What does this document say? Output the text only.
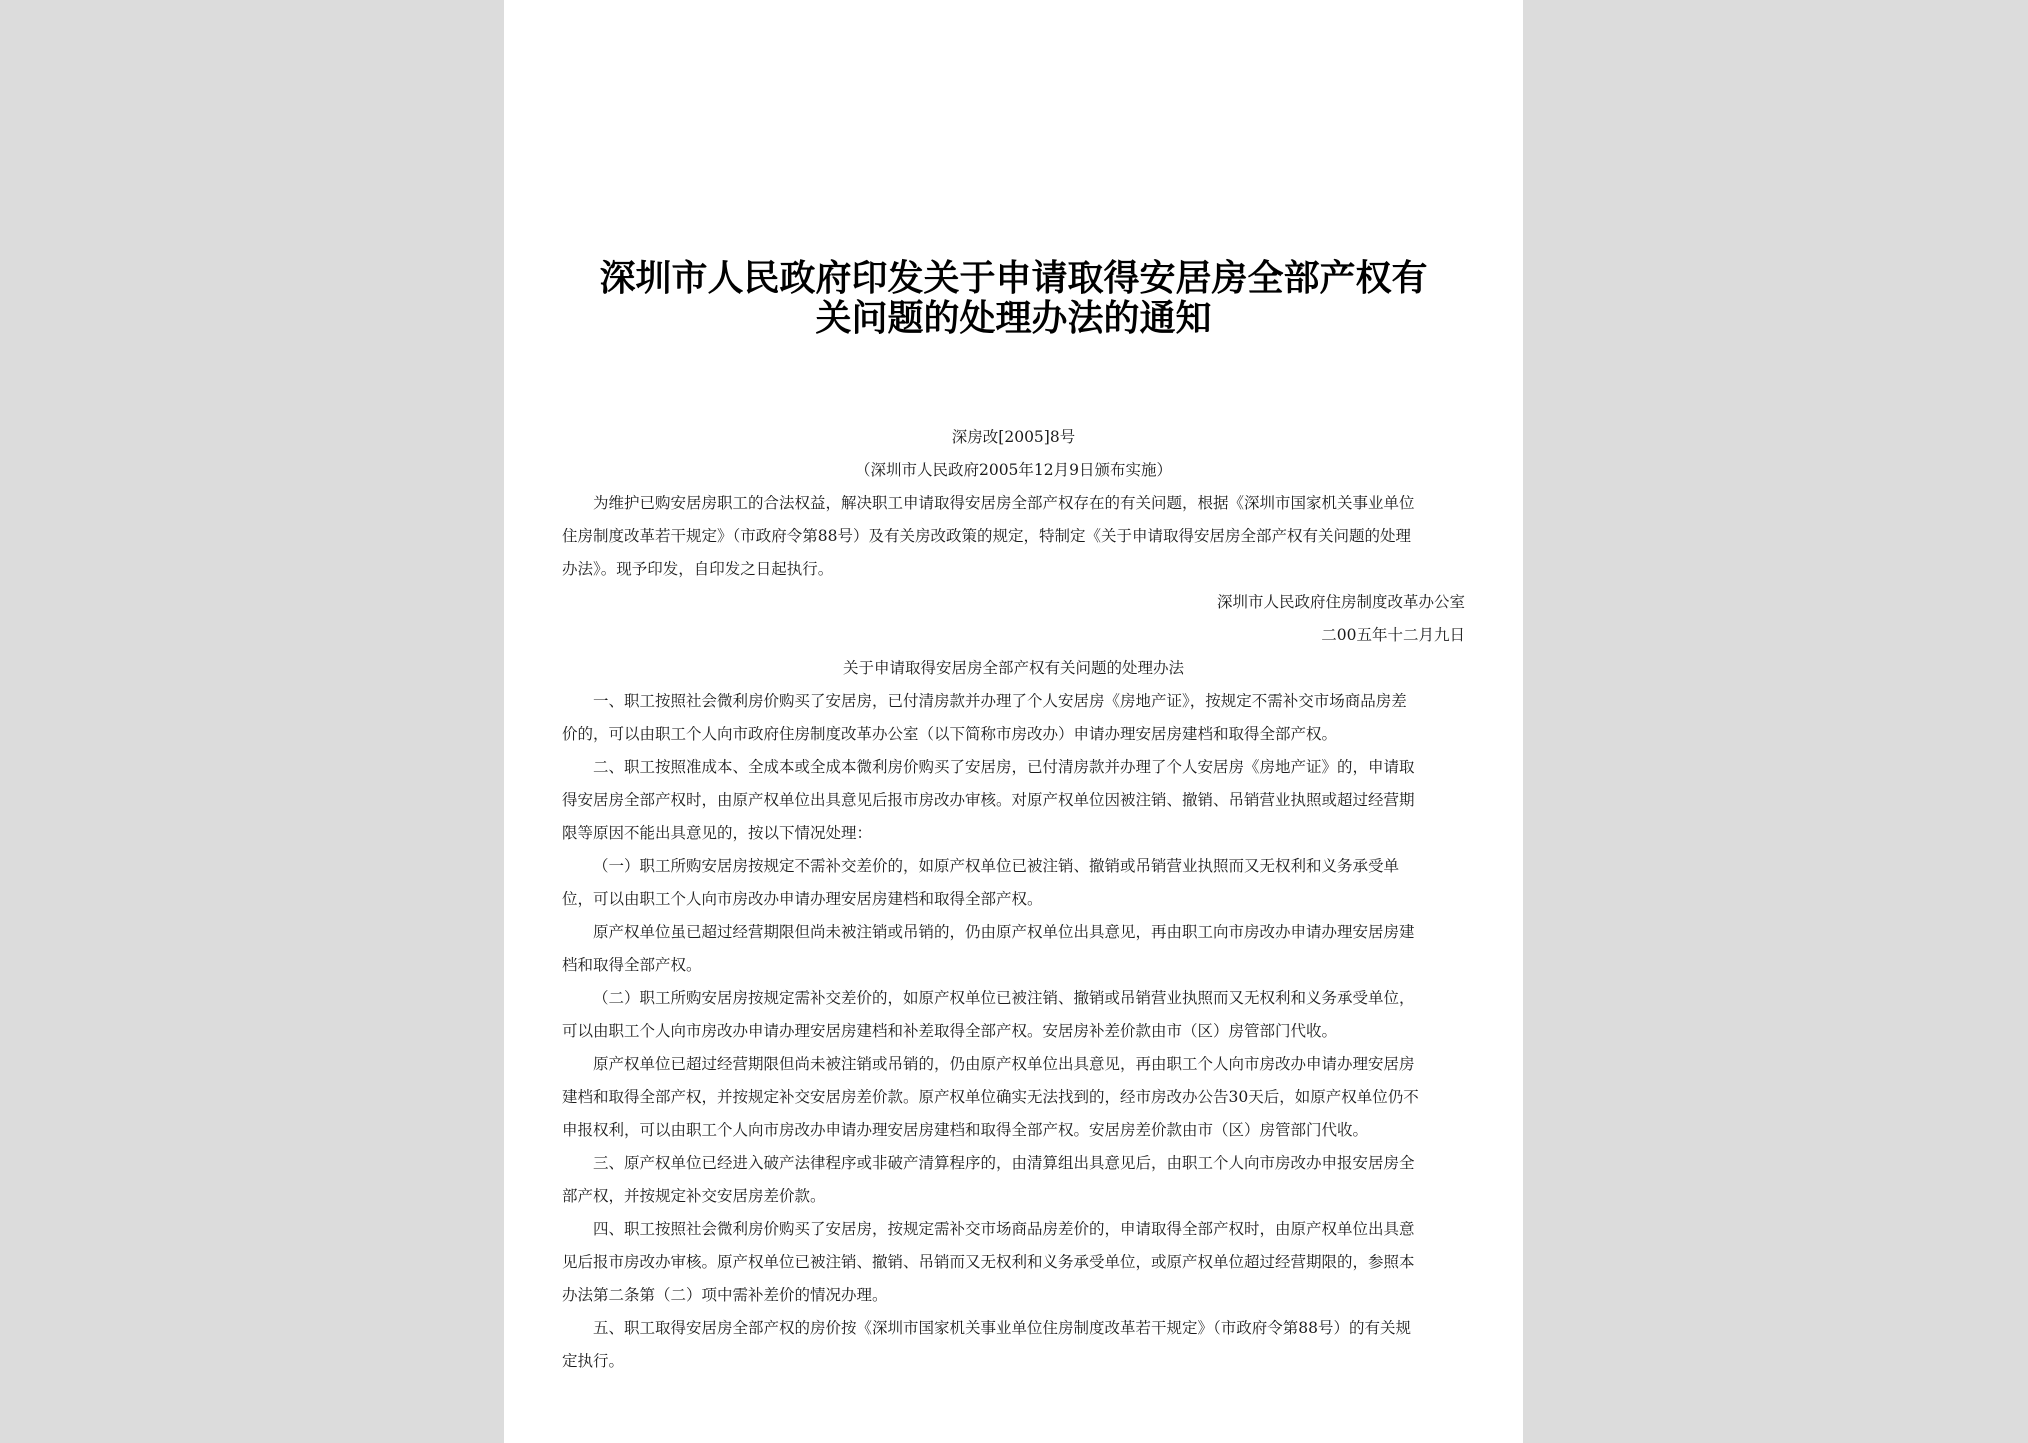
深圳市人民政府印发关于申请取得安居房全部产权有
关问题的处理办法的通知
深房改[2005]8号
（深圳市人民政府2005年12月9日颁布实施）
为维护已购安居房职工的合法权益，解决职工申请取得安居房全部产权存在的有关问题，根据《深圳市国家机关事业单位
住房制度改革若干规定》（市政府令第88号）及有关房改政策的规定，特制定《关于申请取得安居房全部产权有关问题的处理
办法》。现予印发，自印发之日起执行。
深圳市人民政府住房制度改革办公室
二00五年十二月九日
关于申请取得安居房全部产权有关问题的处理办法
一、职工按照社会微利房价购买了安居房，已付清房款并办理了个人安居房《房地产证》，按规定不需补交市场商品房差
价的，可以由职工个人向市政府住房制度改革办公室（以下简称市房改办）申请办理安居房建档和取得全部产权。
二、职工按照准成本、全成本或全成本微利房价购买了安居房，已付清房款并办理了个人安居房《房地产证》的，申请取
得安居房全部产权时，由原产权单位出具意见后报市房改办审核。对原产权单位因被注销、撤销、吊销营业执照或超过经营期
限等原因不能出具意见的，按以下情况处理：
（一）职工所购安居房按规定不需补交差价的，如原产权单位已被注销、撤销或吊销营业执照而又无权利和义务承受单
位，可以由职工个人向市房改办申请办理安居房建档和取得全部产权。
原产权单位虽已超过经营期限但尚未被注销或吊销的，仍由原产权单位出具意见，再由职工向市房改办申请办理安居房建
档和取得全部产权。
（二）职工所购安居房按规定需补交差价的，如原产权单位已被注销、撤销或吊销营业执照而又无权利和义务承受单位，
可以由职工个人向市房改办申请办理安居房建档和补差取得全部产权。安居房补差价款由市（区）房管部门代收。
原产权单位已超过经营期限但尚未被注销或吊销的，仍由原产权单位出具意见，再由职工个人向市房改办申请办理安居房
建档和取得全部产权，并按规定补交安居房差价款。原产权单位确实无法找到的，经市房改办公告30天后，如原产权单位仍不
申报权利，可以由职工个人向市房改办申请办理安居房建档和取得全部产权。安居房差价款由市（区）房管部门代收。
三、原产权单位已经进入破产法律程序或非破产清算程序的，由清算组出具意见后，由职工个人向市房改办申报安居房全
部产权，并按规定补交安居房差价款。
四、职工按照社会微利房价购买了安居房，按规定需补交市场商品房差价的，申请取得全部产权时，由原产权单位出具意
见后报市房改办审核。原产权单位已被注销、撤销、吊销而又无权利和义务承受单位，或原产权单位超过经营期限的，参照本
办法第二条第（二）项中需补差价的情况办理。
五、职工取得安居房全部产权的房价按《深圳市国家机关事业单位住房制度改革若干规定》（市政府令第88号）的有关规
定执行。
